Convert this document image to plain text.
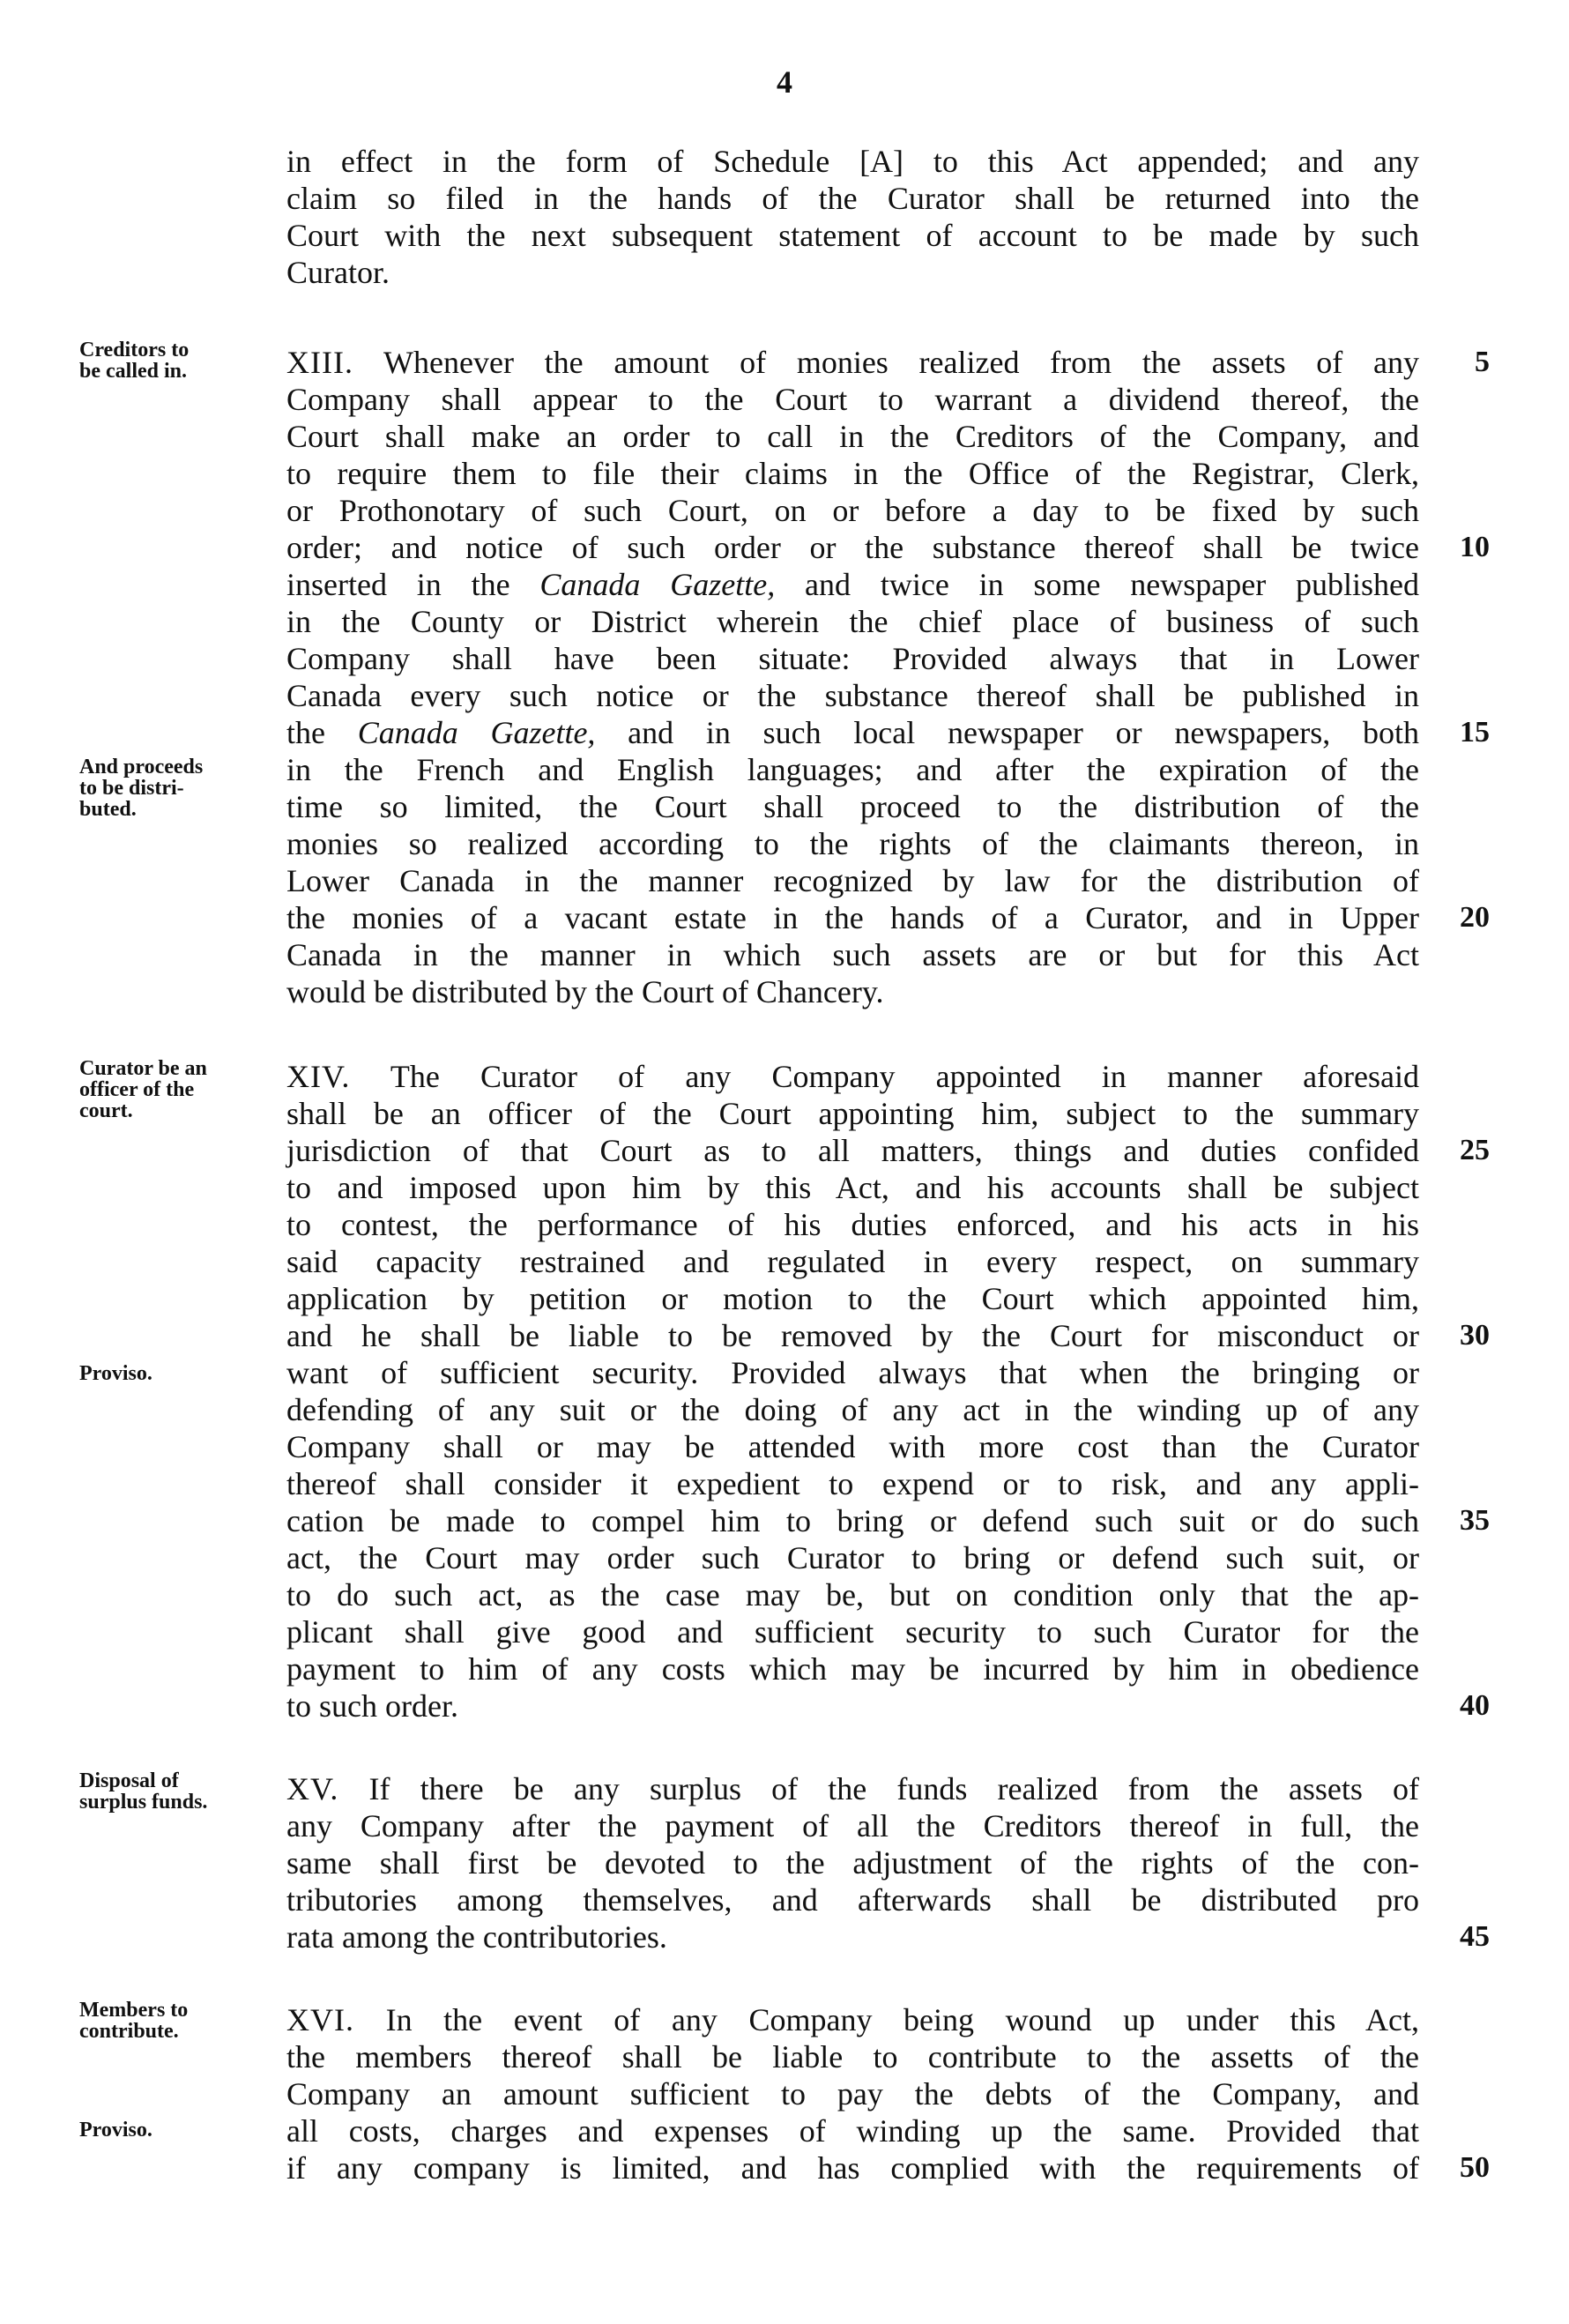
4
in effect in the form of Schedule [A] to this Act appended; and any
claim so filed in the hands of the Curator shall be returned into the
Court with the next subsequent statement of account to be made by such
Curator.
Creditors to
be called in.	XIII. Whenever the amount of monies realized from the assets of any
Company shall appear to the Court to warrant a dividend thereof, the
Court shall make an order to call in the Creditors of the Company, and
to require them to file their claims in the Office of the Registrar, Clerk,
or Prothonotary of such Court, on or before a day to be fixed by such
order; and notice of such order or the substance thereof shall be twice
inserted in the Canada Gazette, and twice in some newspaper published
in the County or District wherein the chief place of business of such
Company shall have been situate: Provided always that in Lower
Canada every such notice or the substance thereof shall be published in
the Canada Gazette, and in such local newspaper or newspapers, both
And proceeds
to be distri-
buted.
in the French and English languages; and after the expiration of the
time so limited, the Court shall proceed to the distribution of the
monies so realized according to the rights of the claimants thereon, in
Lower Canada in the manner recognized by law for the distribution of
the monies of a vacant estate in the hands of a Curator, and in Upper
Canada in the manner in which such assets are or but for this Act
would be distributed by the Court of Chancery.
Curator be an
officer of the
court.
XIV. The Curator of any Company appointed in manner aforesaid
shall be an officer of the Court appointing him, subject to the summary
jurisdiction of that Court as to all matters, things and duties confided
to and imposed upon him by this Act, and his accounts shall be subject
to contest, the performance of his duties enforced, and his acts in his
said capacity restrained and regulated in every respect, on summary
application by petition or motion to the Court which appointed him,
and he shall be liable to be removed by the Court for misconduct or
Proviso.	want of sufficient security. Provided always that when the bringing or
defending of any suit or the doing of any act in the winding up of any
Company shall or may be attended with more cost than the Curator
thereof shall consider it expedient to expend or to risk, and any appli-
cation be made to compel him to bring or defend such suit or do such
act, the Court may order such Curator to bring or defend such suit, or
to do such act, as the case may be, but on condition only that the ap-
plicant shall give good and sufficient security to such Curator for the
payment to him of any costs which may be incurred by him in obedience
to such order.
Disposal of
surplus funds.	XV. If there be any surplus of the funds realized from the assets of
any Company after the payment of all the Creditors thereof in full, the
same shall first be devoted to the adjustment of the rights of the con-
tributories among themselves, and afterwards shall be distributed pro
rata among the contributories.
Members to
contribute.	XVI. In the event of any Company being wound up under this Act,
the members thereof shall be liable to contribute to the assetts of the
Company an amount sufficient to pay the debts of the Company, and
Proviso.	all costs, charges and expenses of winding up the same. Provided that
if any company is limited, and has complied with the requirements of
5
10
15
20
25
30
35
40
45
50
